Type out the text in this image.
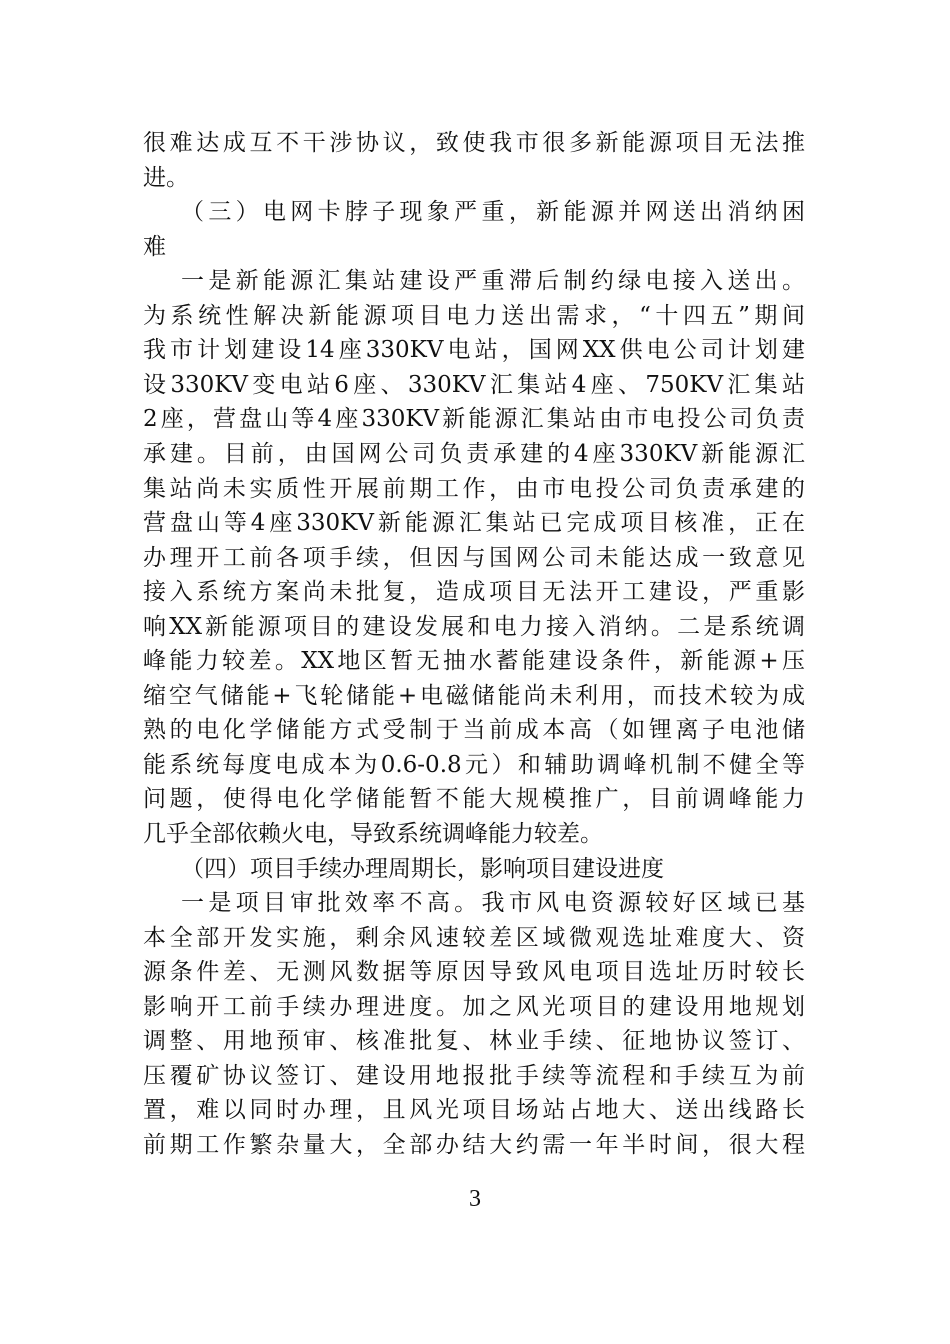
很难达成互不干涉协议，致使我市很多新能源项目无法推
进。
（三）电网卡脖子现象严重，新能源并网送出消纳困
难
一是新能源汇集站建设严重滞后制约绿电接入送出。
为系统性解决新能源项目电力送出需求，“十四五”期间
我市计划建设14座330KV电站，国网XX供电公司计划建
设330KV变电站6座、330KV汇集站4座、750KV汇集站
2座，营盘山等4座330KV新能源汇集站由市电投公司负责
承建。目前，由国网公司负责承建的4座330KV新能源汇
集站尚未实质性开展前期工作，由市电投公司负责承建的
营盘山等4座330KV新能源汇集站已完成项目核准，正在
办理开工前各项手续，但因与国网公司未能达成一致意见
接入系统方案尚未批复，造成项目无法开工建设，严重影
响XX新能源项目的建设发展和电力接入消纳。二是系统调
峰能力较差。XX地区暂无抽水蓄能建设条件，新能源+压
缩空气储能+飞轮储能+电磁储能尚未利用，而技术较为成
熟的电化学储能方式受制于当前成本高（如锂离子电池储
能系统每度电成本为0.6-0.8元）和辅助调峰机制不健全等
问题，使得电化学储能暂不能大规模推广，目前调峰能力
几乎全部依赖火电，导致系统调峰能力较差。
（四）项目手续办理周期长，影响项目建设进度
一是项目审批效率不高。我市风电资源较好区域已基
本全部开发实施，剩余风速较差区域微观选址难度大、资
源条件差、无测风数据等原因导致风电项目选址历时较长
影响开工前手续办理进度。加之风光项目的建设用地规划
调整、用地预审、核准批复、林业手续、征地协议签订、
压覆矿协议签订、建设用地报批手续等流程和手续互为前
置，难以同时办理，且风光项目场站占地大、送出线路长
前期工作繁杂量大，全部办结大约需一年半时间，很大程
3
